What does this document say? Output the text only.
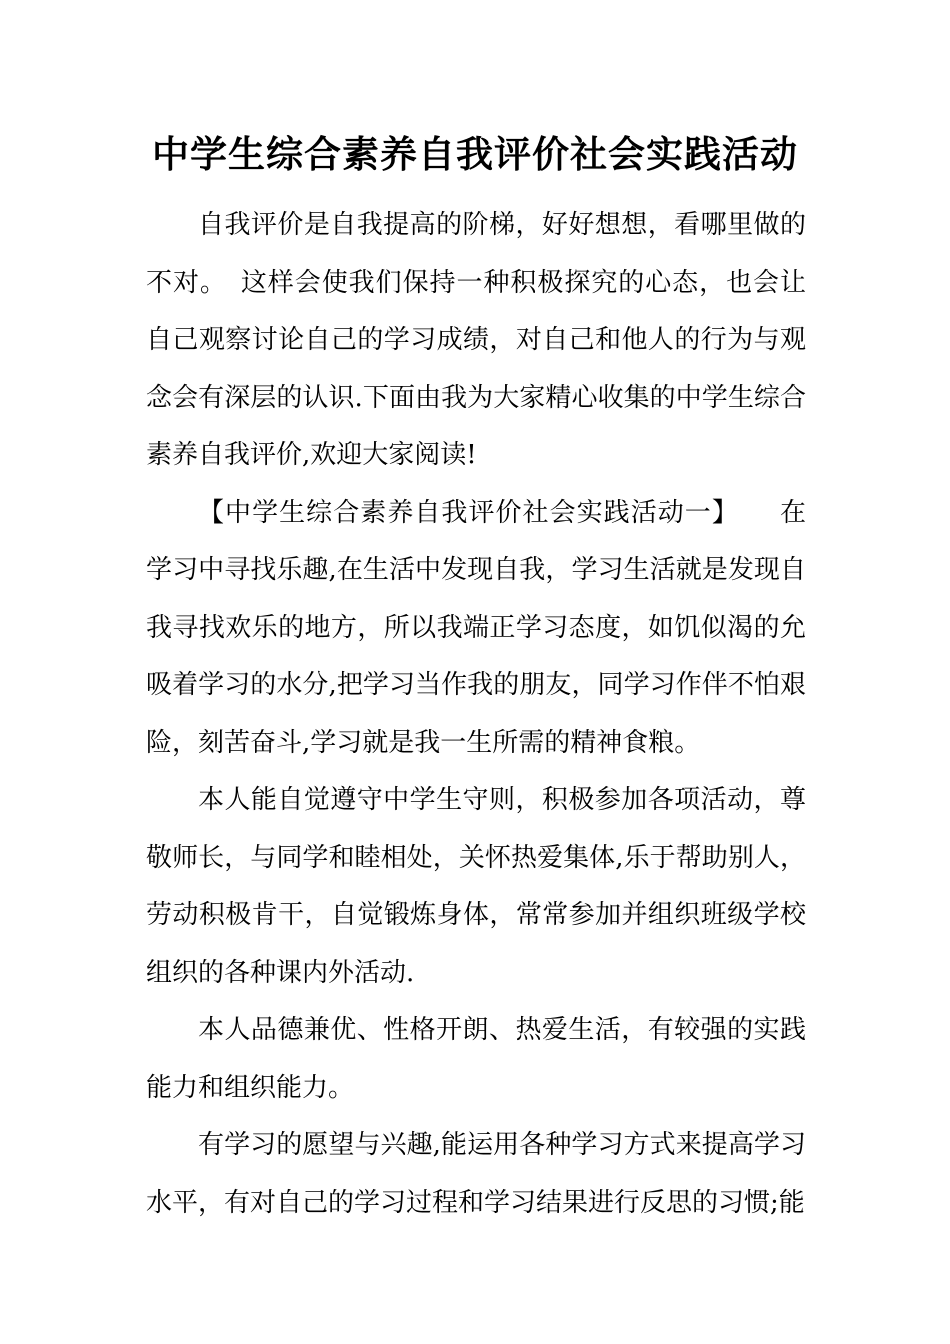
中学生综合素养自我评价社会实践活动

自我评价是自我提高的阶梯，好好想想，看哪里做的不对。　这样会使我们保持一种积极探究的心态，也会让自己观察讨论自己的学习成绩，对自己和他人的行为与观念会有深层的认识.下面由我为大家精心收集的中学生综合素养自我评价,欢迎大家阅读!

【中学生综合素养自我评价社会实践活动一】　　在学习中寻找乐趣,在生活中发现自我，学习生活就是发现自我寻找欢乐的地方，所以我端正学习态度，如饥似渴的允吸着学习的水分,把学习当作我的朋友，同学习作伴不怕艰险，刻苦奋斗,学习就是我一生所需的精神食粮。

本人能自觉遵守中学生守则，积极参加各项活动，尊敬师长，与同学和睦相处，关怀热爱集体,乐于帮助别人，劳动积极肯干，自觉锻炼身体，常常参加并组织班级学校组织的各种课内外活动.

本人品德兼优、性格开朗、热爱生活，有较强的实践能力和组织能力。

有学习的愿望与兴趣,能运用各种学习方式来提高学习水平，有对自己的学习过程和学习结果进行反思的习惯;能
